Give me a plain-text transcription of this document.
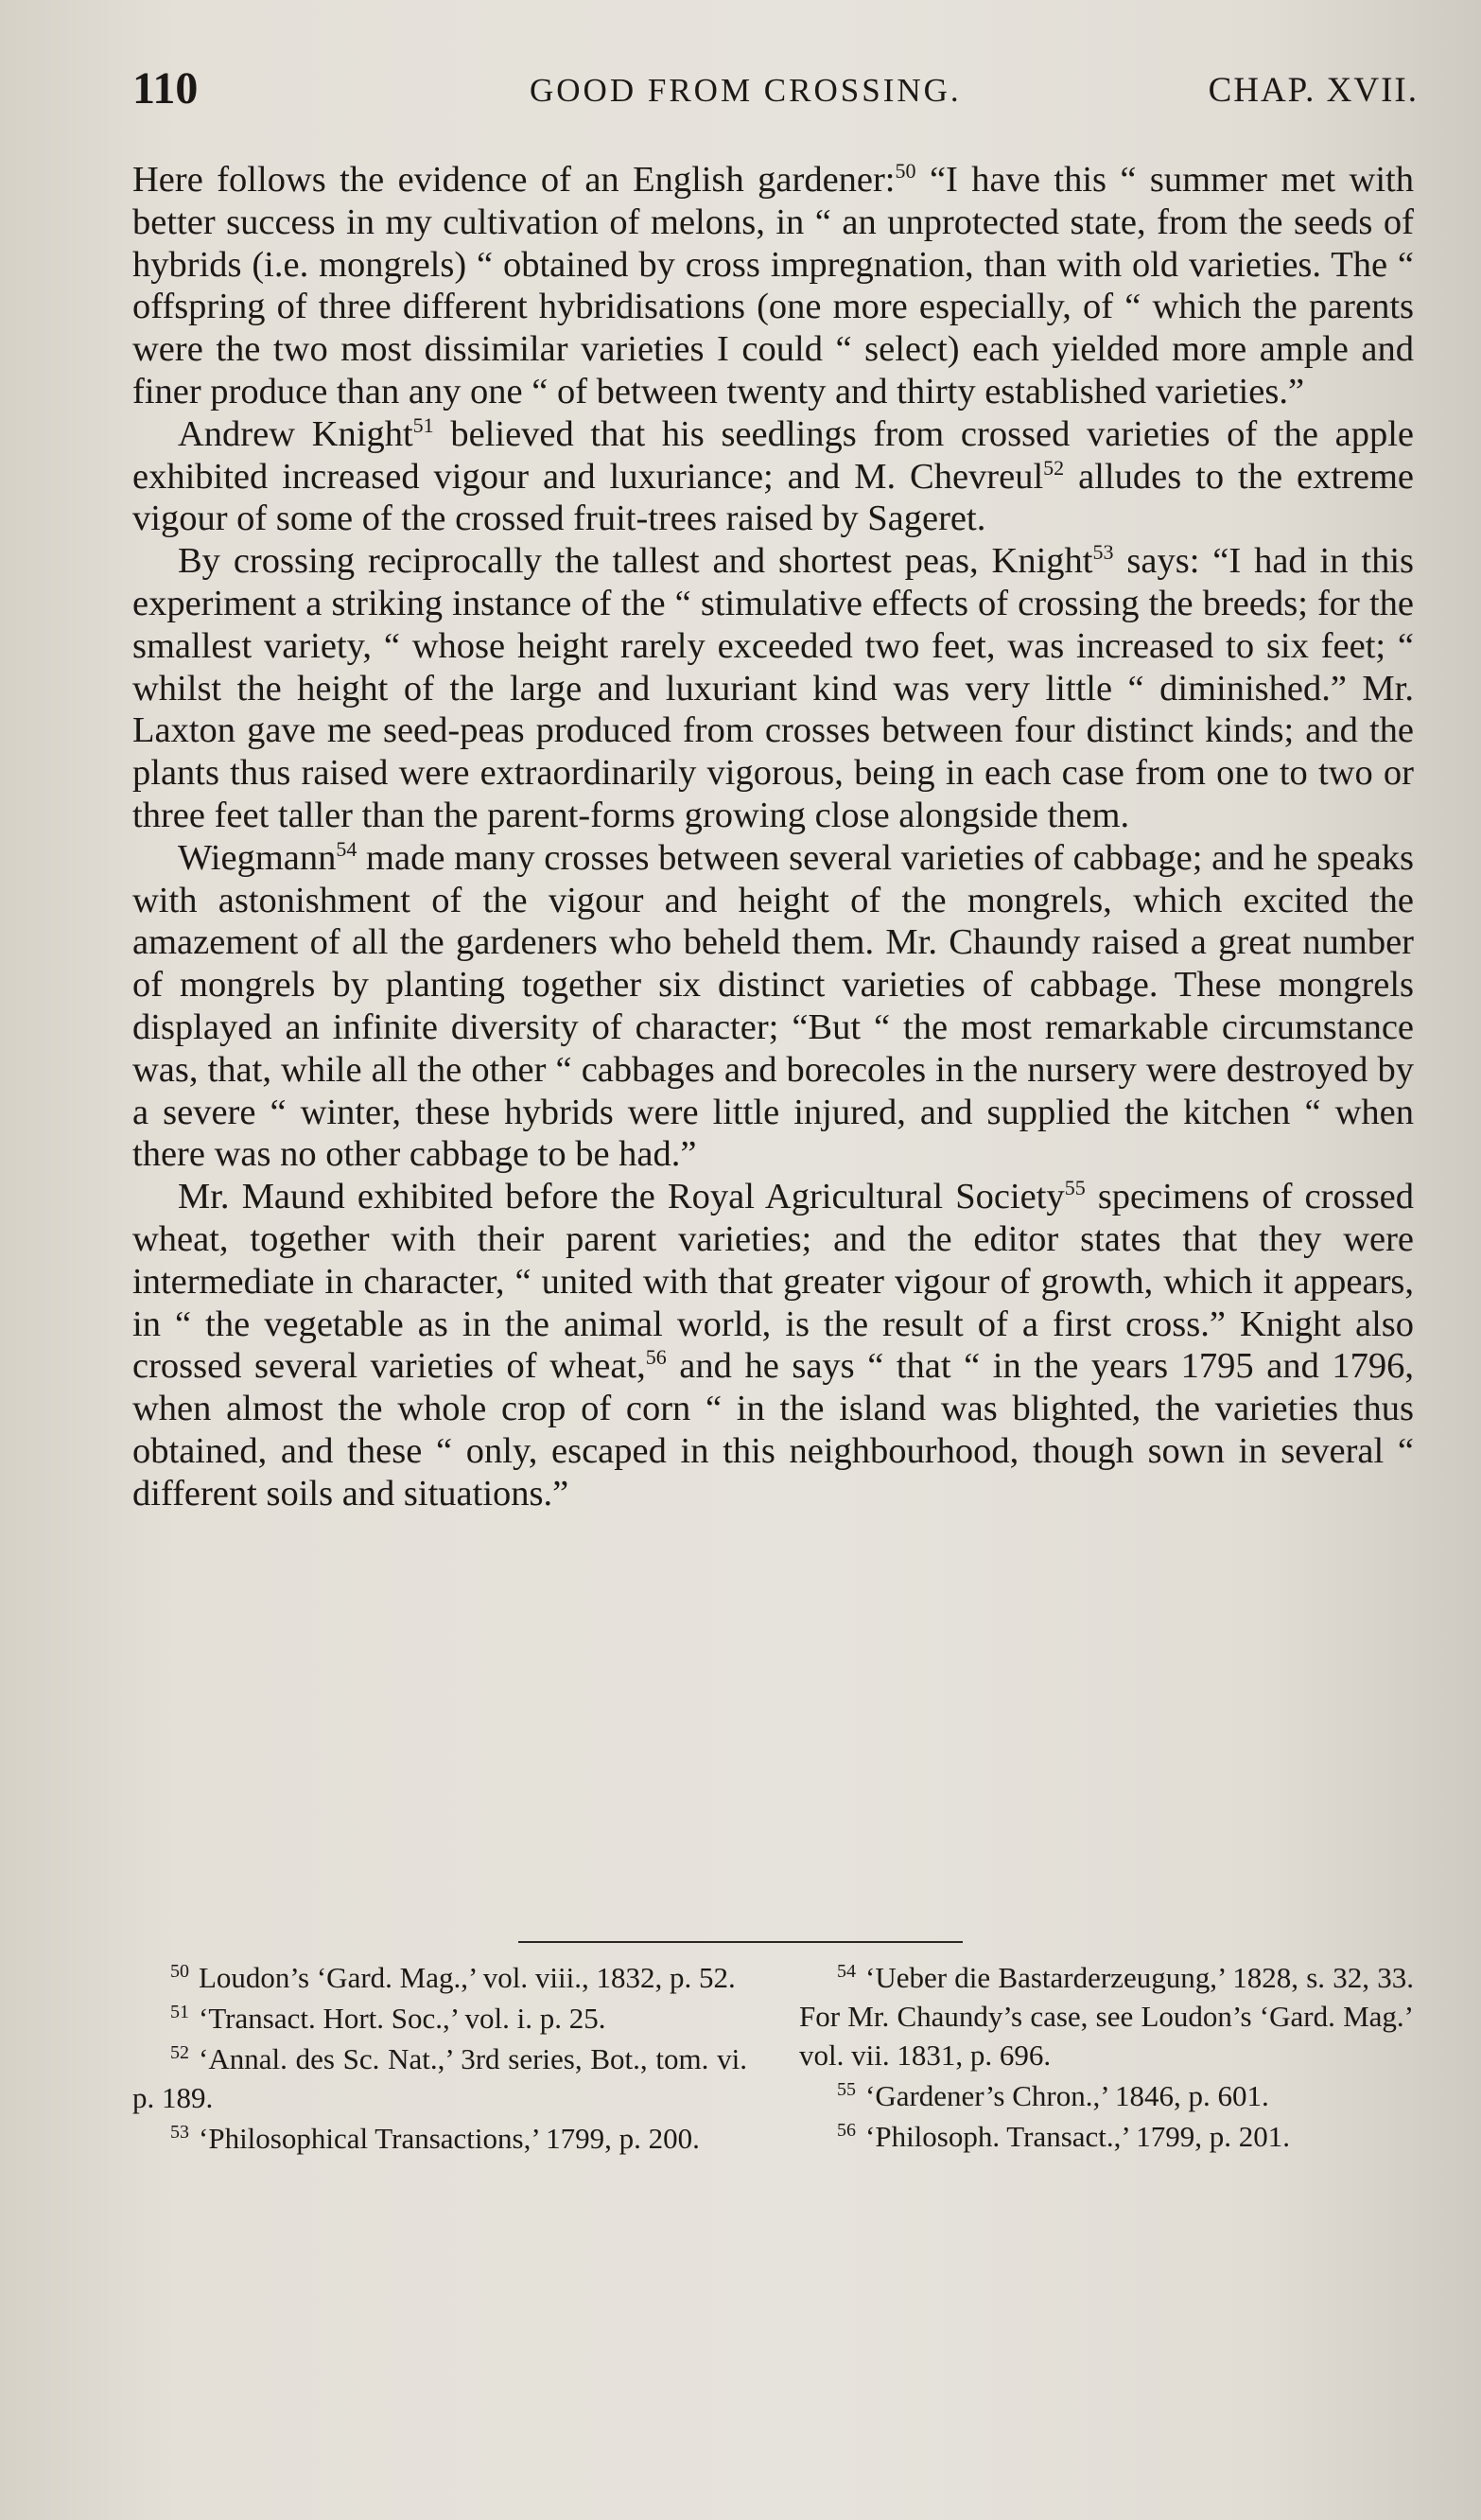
110	GOOD FROM CROSSING.	CHAP. XVII.

Here follows the evidence of an English gardener:$^{50}$ “I have this “ summer met with better success in my cultivation of melons, in “ an unprotected state, from the seeds of hybrids (i.e. mongrels) “ obtained by cross impregnation, than with old varieties. The “ offspring of three different hybridisations (one more especially, of “ which the parents were the two most dissimilar varieties I could “ select) each yielded more ample and finer produce than any one “ of between twenty and thirty established varieties.”

Andrew Knight$^{51}$ believed that his seedlings from crossed varieties of the apple exhibited increased vigour and luxuriance; and M. Chevreul$^{52}$ alludes to the extreme vigour of some of the crossed fruit-trees raised by Sageret.

By crossing reciprocally the tallest and shortest peas, Knight$^{53}$ says: “I had in this experiment a striking instance of the “ stimulative effects of crossing the breeds; for the smallest variety, “ whose height rarely exceeded two feet, was increased to six feet; “ whilst the height of the large and luxuriant kind was very little “ diminished.” Mr. Laxton gave me seed-peas produced from crosses between four distinct kinds; and the plants thus raised were extraordinarily vigorous, being in each case from one to two or three feet taller than the parent-forms growing close alongside them.

Wiegmann$^{54}$ made many crosses between several varieties of cabbage; and he speaks with astonishment of the vigour and height of the mongrels, which excited the amazement of all the gardeners who beheld them. Mr. Chaundy raised a great number of mongrels by planting together six distinct varieties of cabbage. These mongrels displayed an infinite diversity of character; “But “ the most remarkable circumstance was, that, while all the other “ cabbages and borecoles in the nursery were destroyed by a severe “ winter, these hybrids were little injured, and supplied the kitchen “ when there was no other cabbage to be had.”

Mr. Maund exhibited before the Royal Agricultural Society$^{55}$ specimens of crossed wheat, together with their parent varieties; and the editor states that they were intermediate in character, “ united with that greater vigour of growth, which it appears, in “ the vegetable as in the animal world, is the result of a first cross.” Knight also crossed several varieties of wheat,$^{56}$ and he says “ that “ in the years 1795 and 1796, when almost the whole crop of corn “ in the island was blighted, the varieties thus obtained, and these “ only, escaped in this neighbourhood, though sown in several “ different soils and situations.”

$^{50}$ Loudon’s ‘Gard. Mag.,’ vol. viii., 1832, p. 52.

$^{51}$ ‘Transact. Hort. Soc.,’ vol. i. p. 25.

$^{52}$ ‘Annal. des Sc. Nat.,’ 3rd series, Bot., tom. vi. p. 189.

$^{53}$ ‘Philosophical Transactions,’ 1799, p. 200.

$^{54}$ ‘Ueber die Bastarderzeugung,’ 1828, s. 32, 33. For Mr. Chaundy’s case, see Loudon’s ‘Gard. Mag.’ vol. vii. 1831, p. 696.

$^{55}$ ‘Gardener’s Chron.,’ 1846, p. 601.

$^{56}$ ‘Philosoph. Transact.,’ 1799, p. 201.
